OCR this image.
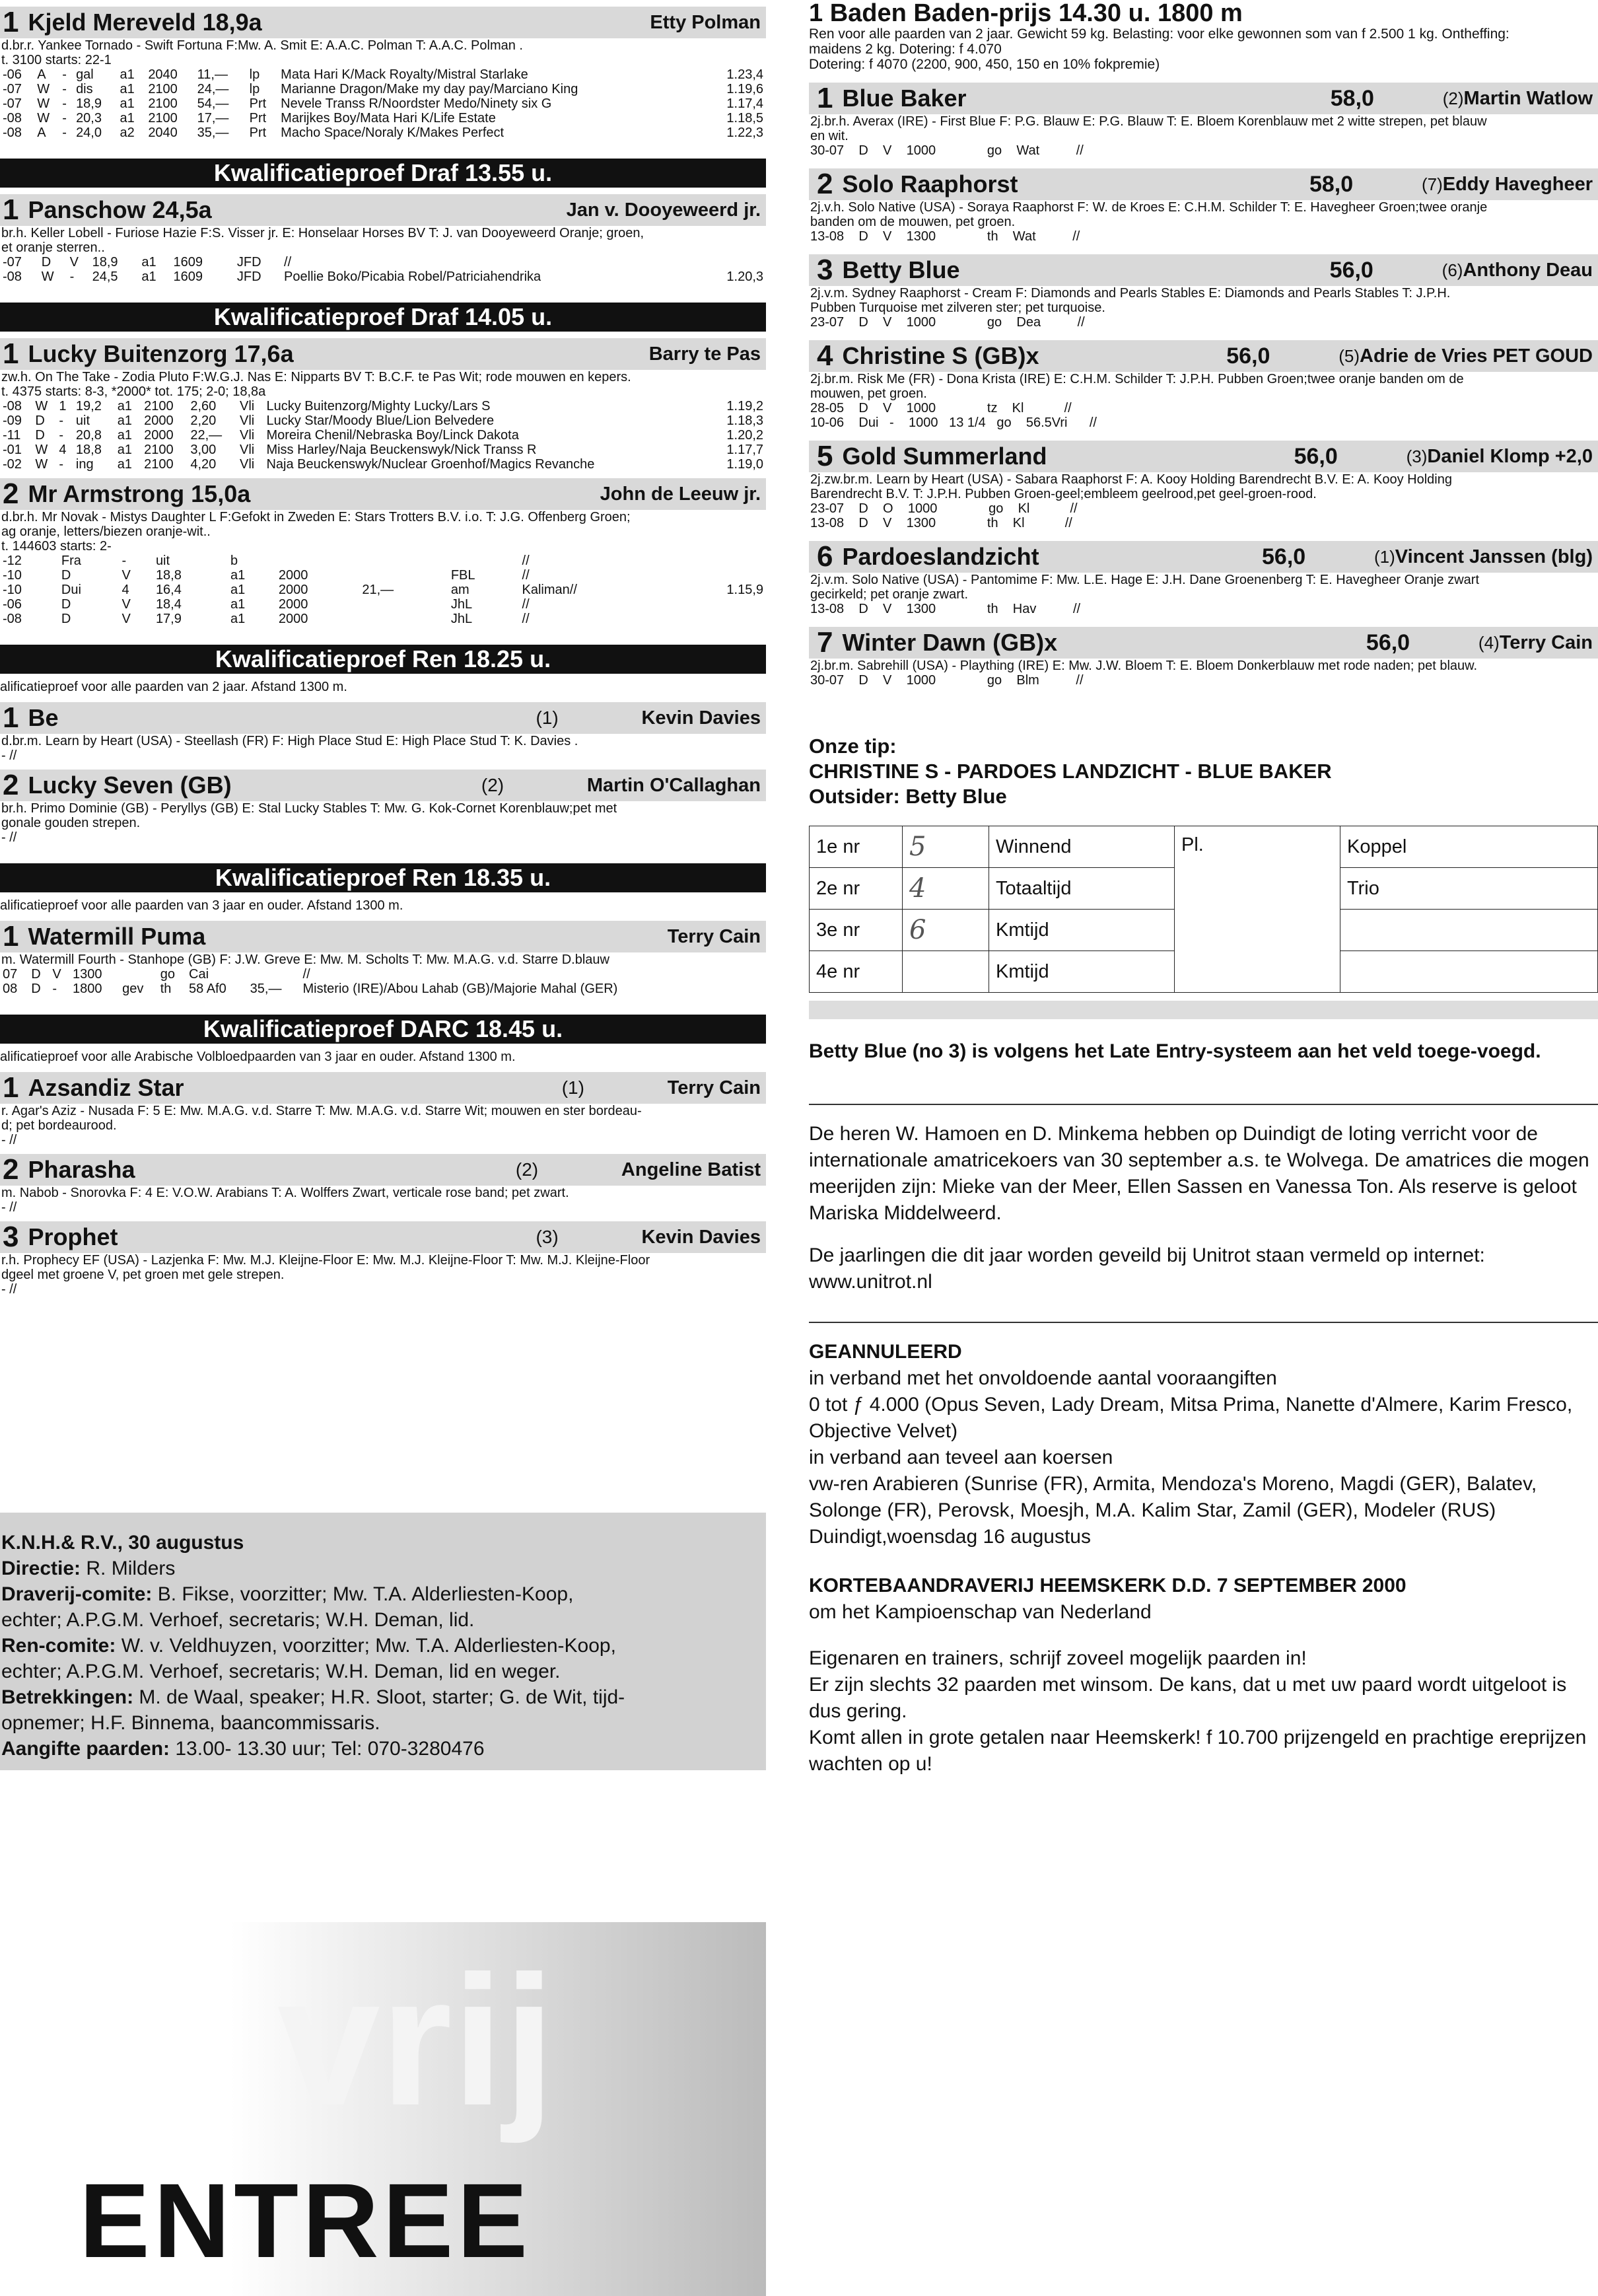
1 Kjeld Mereveld 18,9a	Etty Polman
d.br.r. Yankee Tornado - Swift Fortuna F:Mw. A. Smit E: A.A.C. Polman T: A.A.C. Polman .
t. 3100 starts: 22-1
-06	A	-	gal	a1	2040	11,—	lp	Mata Hari K/Mack Royalty/Mistral Starlake	1.23,4
-07	W	-	dis	a1	2100	24,—	lp	Marianne Dragon/Make my day pay/Marciano King	1.19,6
-07	W	-	18,9	a1	2100	54,—	Prt	Nevele Transs R/Noordster Medo/Ninety six G	1.17,4
-08	W	-	20,3	a1	2100	17,—	Prt	Marijkes Boy/Mata Hari K/Life Estate	1.18,5
-08	A	-	24,0	a2	2040	35,—	Prt	Macho Space/Noraly K/Makes Perfect	1.22,3
Kwalificatieproef Draf 13.55 u.
1 Panschow 24,5a	Jan v. Dooyeweerd jr.
br.h. Keller Lobell - Furiose Hazie F:S. Visser jr. E: Honselaar Horses BV T: J. van Dooyeweerd Oranje; groen,
et oranje sterren..
-07	D	V	18,9	a1	1609		JFD	//	
-08	W	-	24,5	a1	1609		JFD	Poellie Boko/Picabia Robel/Patriciahendrika	1.20,3
Kwalificatieproef Draf 14.05 u.
1 Lucky Buitenzorg 17,6a	Barry te Pas
zw.h. On The Take - Zodia Pluto F:W.G.J. Nas E: Nipparts BV T: B.C.F. te Pas Wit; rode mouwen en kepers.
t. 4375 starts: 8-3, *2000* tot. 175; 2-0; 18,8a
-08	W	1	19,2	a1	2100	2,60	Vli	Lucky Buitenzorg/Mighty Lucky/Lars S	1.19,2
-09	D	-	uit	a1	2000	2,20	Vli	Lucky Star/Moody Blue/Lion Belvedere	1.18,3
-11	D	-	20,8	a1	2000	22,—	Vli	Moreira Chenil/Nebraska Boy/Linck Dakota	1.20,2
-01	W	4	18,8	a1	2100	3,00	Vli	Miss Harley/Naja Beuckenswyk/Nick Transs R	1.17,7
-02	W	-	ing	a1	2100	4,20	Vli	Naja Beuckenswyk/Nuclear Groenhof/Magics Revanche	1.19,0
2 Mr Armstrong 15,0a	John de Leeuw jr.
d.br.h. Mr Novak - Mistys Daughter L F:Gefokt in Zweden E: Stars Trotters B.V. i.o. T: J.G. Offenberg Groen;
ag oranje, letters/biezen oranje-wit..
t. 144603 starts: 2-
-12	Fra	-	uit	b				//	
-10	D	V	18,8	a1	2000		FBL	//	
-10	Dui	4	16,4	a1	2000	21,—	am	Kaliman//	1.15,9
-06	D	V	18,4	a1	2000		JhL	//	
-08	D	V	17,9	a1	2000		JhL	//	
Kwalificatieproef Ren 18.25 u.
alificatieproef voor alle paarden van 2 jaar. Afstand 1300 m.
1 Be	(1)	Kevin Davies
d.br.m. Learn by Heart (USA) - Steellash (FR) F: High Place Stud E: High Place Stud T: K. Davies .
- //
2 Lucky Seven (GB)	(2)	Martin O'Callaghan
br.h. Primo Dominie (GB) - Peryllys (GB) E: Stal Lucky Stables T: Mw. G. Kok-Cornet Korenblauw;pet met
gonale gouden strepen.
- //
Kwalificatieproef Ren 18.35 u.
alificatieproef voor alle paarden van 3 jaar en ouder. Afstand 1300 m.
1 Watermill Puma	Terry Cain
m. Watermill Fourth - Stanhope (GB) F: J.W. Greve E: Mw. M. Scholts T: Mw. M.A.G. v.d. Starre D.blauw
07	D	V	1300		go	Cai		//	
08	D	-	1800	gev	th	58 Af0	35,—	Misterio (IRE)/Abou Lahab (GB)/Majorie Mahal (GER)	
Kwalificatieproef DARC 18.45 u.
alificatieproef voor alle Arabische Volbloedpaarden van 3 jaar en ouder. Afstand 1300 m.
1 Azsandiz Star	(1)	Terry Cain
r. Agar's Aziz - Nusada F: 5 E: Mw. M.A.G. v.d. Starre T: Mw. M.A.G. v.d. Starre Wit; mouwen en ster bordeau-
d; pet bordeaurood.
- //
2 Pharasha	(2)	Angeline Batist
m. Nabob - Snorovka F: 4 E: V.O.W. Arabians T: A. Wolffers Zwart, verticale rose band; pet zwart.
- //
3 Prophet	(3)	Kevin Davies
r.h. Prophecy EF (USA) - Lazjenka F: Mw. M.J. Kleijne-Floor E: Mw. M.J. Kleijne-Floor T: Mw. M.J. Kleijne-Floor
dgeel met groene V, pet groen met gele strepen.
- //
K.N.H.& R.V., 30 augustus
Directie: R. Milders
Draverij-comite: B. Fikse, voorzitter; Mw. T.A. Alderliesten-Koop,
echter; A.P.G.M. Verhoef, secretaris; W.H. Deman, lid.
Ren-comite: W. v. Veldhuyzen, voorzitter; Mw. T.A. Alderliesten-Koop,
echter; A.P.G.M. Verhoef, secretaris; W.H. Deman, lid en weger.
Betrekkingen: M. de Waal, speaker; H.R. Sloot, starter; G. de Wit, tijd-
opnemer; H.F. Binnema, baancommissaris.
Aangifte paarden: 13.00- 13.30 uur; Tel: 070-3280476
vrij
ENTREE
1 Baden Baden-prijs 14.30 u. 1800 m
Ren voor alle paarden van 2 jaar. Gewicht 59 kg. Belasting: voor elke gewonnen som van f 2.500 1 kg. Ontheffing:
maidens 2 kg. Dotering: f 4.070
Dotering: f 4070 (2200, 900, 450, 150 en 10% fokpremie)
1 Blue Baker	58,0	(2) Martin Watlow
2j.br.h. Averax (IRE) - First Blue F: P.G. Blauw E: P.G. Blauw T: E. Bloem Korenblauw met 2 witte strepen, pet blauw
en wit.
30-07    D    V    1000              go    Wat          //
2 Solo Raaphorst	58,0	(7) Eddy Havegheer
2j.v.h. Solo Native (USA) - Soraya Raaphorst F: W. de Kroes E: C.H.M. Schilder T: E. Havegheer Groen;twee oranje
banden om de mouwen, pet groen.
13-08    D    V    1300              th    Wat          //
3 Betty Blue	56,0	(6) Anthony Deau
2j.v.m. Sydney Raaphorst - Cream F: Diamonds and Pearls Stables E: Diamonds and Pearls Stables T: J.P.H.
Pubben Turquoise met zilveren ster; pet turquoise.
23-07    D    V    1000              go    Dea          //
4 Christine S (GB)x	56,0	(5) Adrie de Vries PET GOUD
2j.br.m. Risk Me (FR) - Dona Krista (IRE) E: C.H.M. Schilder T: J.P.H. Pubben Groen;twee oranje banden om de
mouwen, pet groen.
28-05    D    V    1000              tz    Kl           //
10-06    Dui   -    1000   13 1/4   go    56.5Vri      //
5 Gold Summerland	56,0	(3) Daniel Klomp +2,0
2j.zw.br.m. Learn by Heart (USA) - Sabara Raaphorst F: A. Kooy Holding Barendrecht B.V. E: A. Kooy Holding
Barendrecht B.V. T: J.P.H. Pubben Groen-geel;embleem geelrood,pet geel-groen-rood.
23-07    D    O    1000              go    Kl           //
13-08    D    V    1300              th    Kl           //
6 Pardoeslandzicht	56,0	(1) Vincent Janssen (blg)
2j.v.m. Solo Native (USA) - Pantomime F: Mw. L.E. Hage E: J.H. Dane Groenenberg T: E. Havegheer Oranje zwart
gecirkeld; pet oranje zwart.
13-08    D    V    1300              th    Hav          //
7 Winter Dawn (GB)x	56,0	(4) Terry Cain
2j.br.m. Sabrehill (USA) - Plaything (IRE) E: Mw. J.W. Bloem T: E. Bloem Donkerblauw met rode naden; pet blauw.
30-07    D    V    1000              go    Blm          //
Onze tip:
CHRISTINE S - PARDOES LANDZICHT - BLUE BAKER
Outsider: Betty Blue
1e nr	5	Winnend	Pl.	Koppel
2e nr	4	Totaaltijd		Trio
3e nr	6	Kmtijd		
4e nr		Kmtijd		
Betty Blue (no 3) is volgens het Late Entry-systeem aan het veld toege-voegd.
De heren W. Hamoen en D. Minkema hebben op Duindigt de loting verricht voor de internationale amatricekoers van 30 september a.s. te Wolvega. De amatrices die mogen meerijden zijn: Mieke van der Meer, Ellen Sassen en Vanessa Ton. Als reserve is geloot Mariska Middelweerd.
De jaarlingen die dit jaar worden geveild bij Unitrot staan vermeld op internet: www.unitrot.nl
GEANNULEERD
in verband met het onvoldoende aantal vooraangiften
0 tot ƒ 4.000 (Opus Seven, Lady Dream, Mitsa Prima, Nanette d'Almere, Karim Fresco, Objective Velvet)
in verband aan teveel aan koersen
vw-ren Arabieren (Sunrise (FR), Armita, Mendoza's Moreno, Magdi (GER), Balatev, Solonge (FR), Perovsk, Moesjh, M.A. Kalim Star, Zamil (GER), Modeler (RUS)
Duindigt,woensdag 16 augustus
KORTEBAANDRAVERIJ HEEMSKERK D.D. 7 SEPTEMBER 2000
om het Kampioenschap van Nederland
Eigenaren en trainers, schrijf zoveel mogelijk paarden in!
Er zijn slechts 32 paarden met winsom. De kans, dat u met uw paard wordt uitgeloot is dus gering.
Komt allen in grote getalen naar Heemskerk! f 10.700 prijzengeld en prachtige ereprijzen wachten op u!
